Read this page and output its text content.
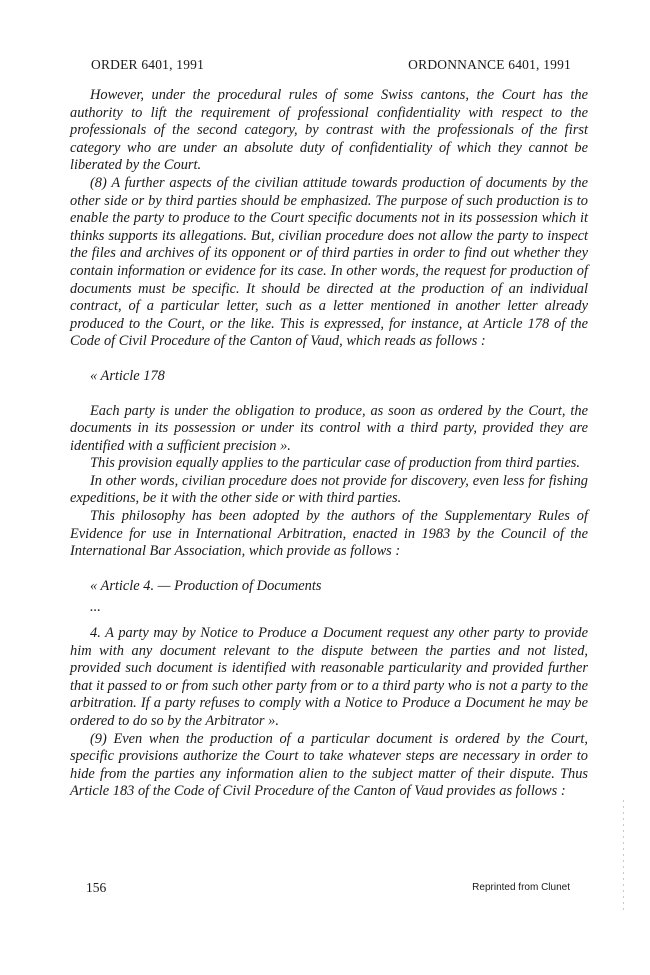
ORDER 6401, 1991	ORDONNANCE 6401, 1991

However, under the procedural rules of some Swiss cantons, the Court has the authority to lift the requirement of professional confidentiality with respect to the professionals of the second category, by contrast with the professionals of the first category who are under an absolute duty of confidentiality of which they cannot be liberated by the Court.

(8) A further aspects of the civilian attitude towards production of documents by the other side or by third parties should be emphasized. The purpose of such production is to enable the party to produce to the Court specific documents not in its possession which it thinks supports its allegations. But, civilian procedure does not allow the party to inspect the files and archives of its opponent or of third parties in order to find out whether they contain information or evidence for its case. In other words, the request for production of documents must be specific. It should be directed at the production of an individual contract, of a particular letter, such as a letter mentioned in another letter already produced to the Court, or the like. This is expressed, for instance, at Article 178 of the Code of Civil Procedure of the Canton of Vaud, which reads as follows :

« Article 178

Each party is under the obligation to produce, as soon as ordered by the Court, the documents in its possession or under its control with a third party, provided they are identified with a sufficient precision ».

This provision equally applies to the particular case of production from third parties.

In other words, civilian procedure does not provide for discovery, even less for fishing expeditions, be it with the other side or with third parties.

This philosophy has been adopted by the authors of the Supplementary Rules of Evidence for use in International Arbitration, enacted in 1983 by the Council of the International Bar Association, which provide as follows :

« Article 4. — Production of Documents

...

4. A party may by Notice to Produce a Document request any other party to provide him with any document relevant to the dispute between the parties and not listed, provided such document is identified with reasonable particularity and provided further that it passed to or from such other party from or to a third party who is not a party to the arbitration. If a party refuses to comply with a Notice to Produce a Document he may be ordered to do so by the Arbitrator ».

(9) Even when the production of a particular document is ordered by the Court, specific provisions authorize the Court to take whatever steps are necessary in order to hide from the parties any information alien to the subject matter of their dispute. Thus Article 183 of the Code of Civil Procedure of the Canton of Vaud provides as follows :

156	Reprinted from Clunet
